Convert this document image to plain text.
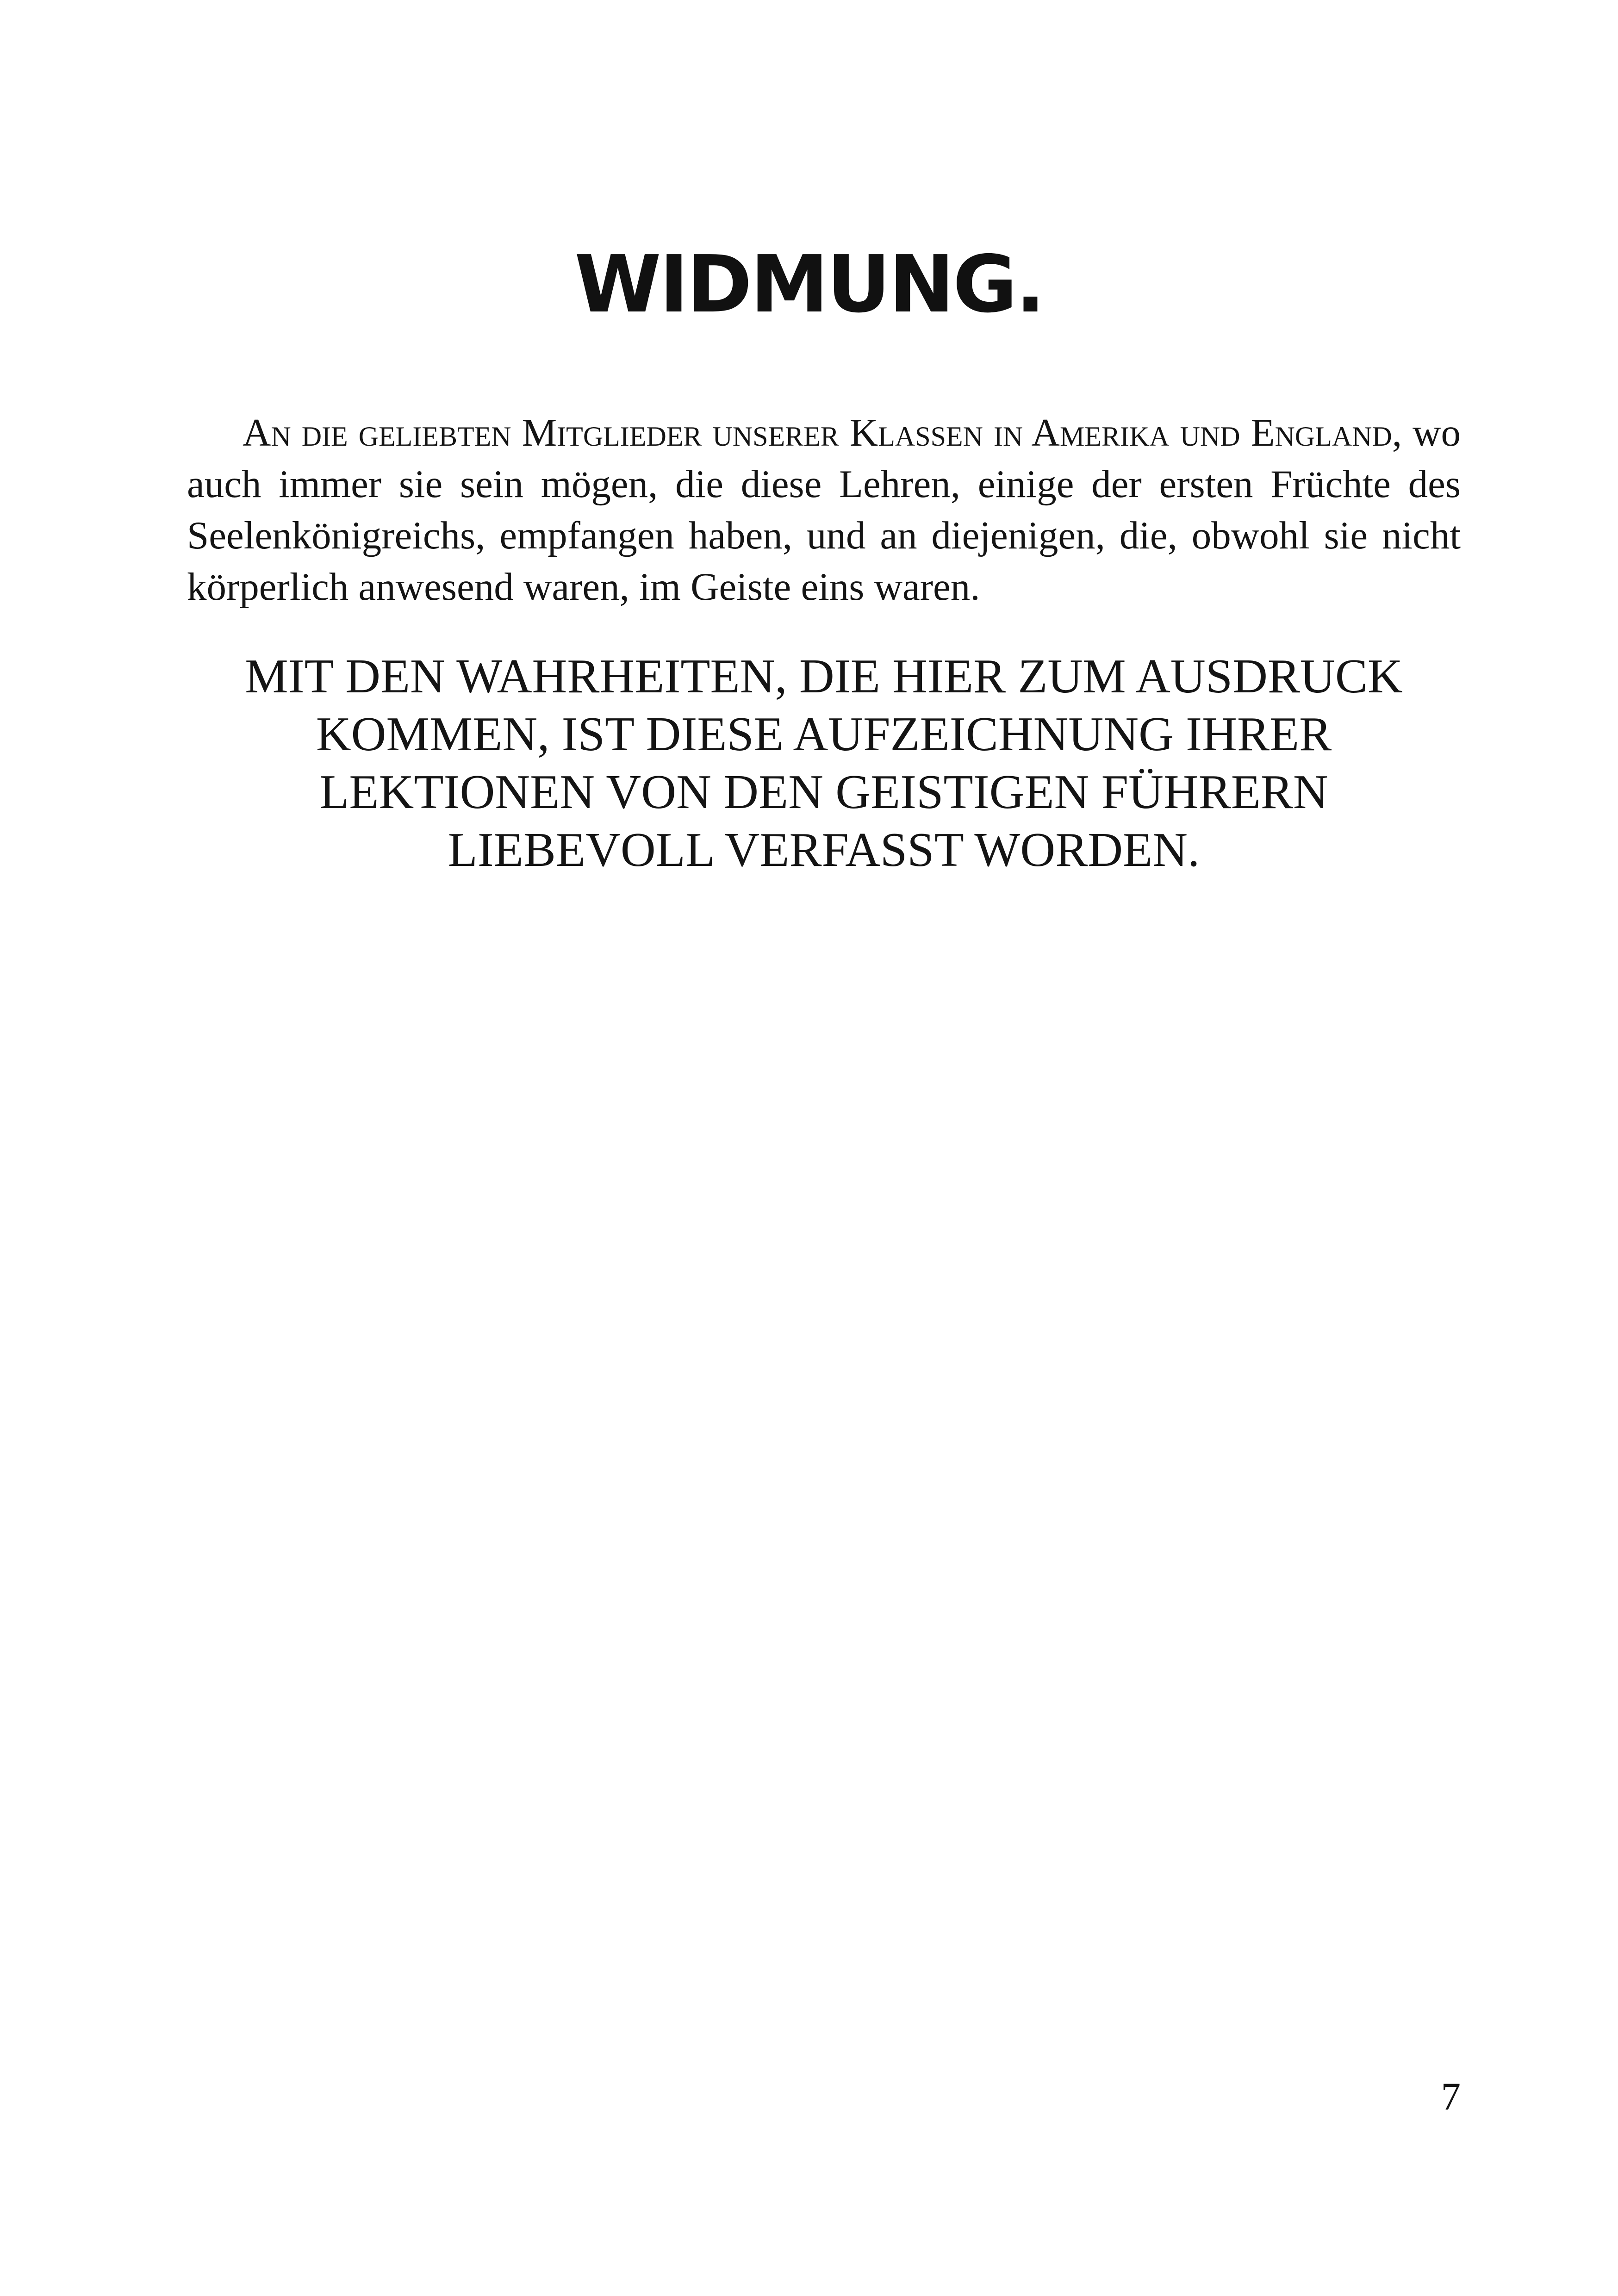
WIDMUNG.

An die geliebten Mitglieder unserer Klassen in Amerika und England, wo auch immer sie sein mögen, die diese Lehren, einige der ersten Früchte des Seelenkönigreichs, empfangen haben, und an diejenigen, die, obwohl sie nicht körperlich anwesend waren, im Geiste eins waren.

MIT DEN WAHRHEITEN, DIE HIER ZUM AUSDRUCK KOMMEN, IST DIESE AUFZEICHNUNG IHRER LEKTIONEN VON DEN GEISTIGEN FÜHRERN LIEBEVOLL VERFASST WORDEN.

7
